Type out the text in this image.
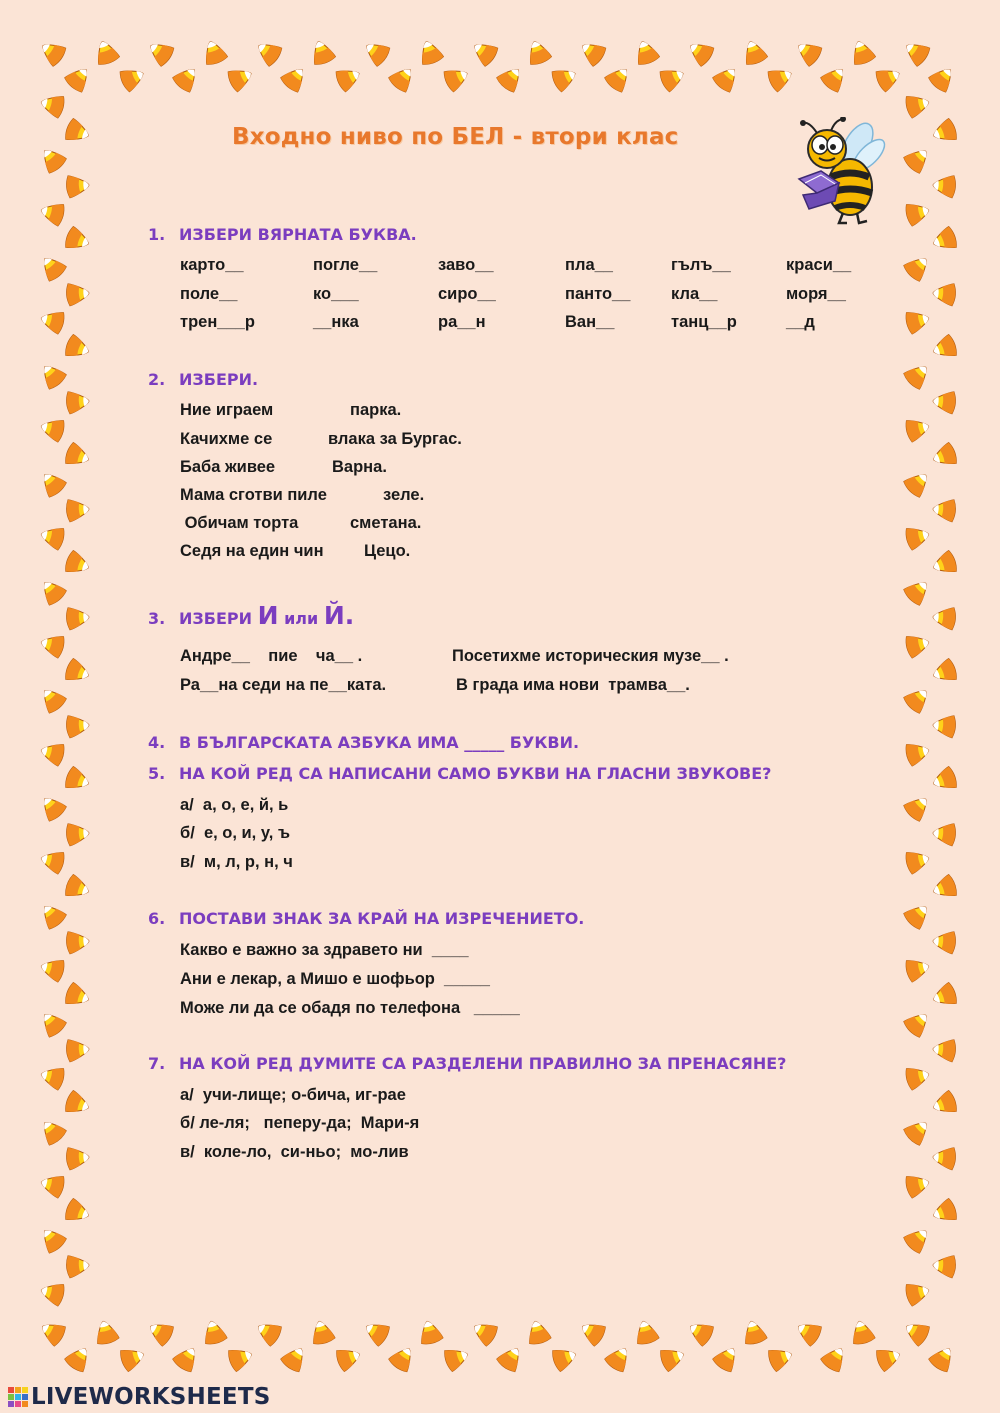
Входно ниво по БЕЛ - втори клас
1. ИЗБЕРИ ВЯРНАТА БУКВА.
карто__	погле__	заво__	пла__	гълъ__	краси__
поле__	ко___	сиро__	панто__ кла__	моря__
трен___р	__нка	ра__н	Ван__	танц__р	__д
2. ИЗБЕРИ.
Ние играем	парка.
Качихме се	влака за Бургас.
Баба живее	Варна.
Мама сготви пиле	зеле.
Обичам торта	сметана.
Седя на един чин Цецо.
3. ИЗБЕРИ И или Й.
Андре__    пие    ча__ .
Ра__на седи на пе__ката.
Посетихме историческия музе__ .
В града има нови  трамва__.
4. В БЪЛГАРСКАТА АЗБУКА ИМА _____ БУКВИ.
5. НА КОЙ РЕД СА НАПИСАНИ САМО БУКВИ НА ГЛАСНИ ЗВУКОВЕ?
а/  а, о, е, й, ь
б/  е, о, и, у, ъ
в/  м, л, р, н, ч
6. ПОСТАВИ ЗНАК ЗА КРАЙ НА ИЗРЕЧЕНИЕТО.
Какво е важно за здравето ни  ____
Ани е лекар, а Мишо е шофьор  _____
Може ли да се обадя по телефона   _____
7. НА КОЙ РЕД ДУМИТЕ СА РАЗДЕЛЕНИ ПРАВИЛНО ЗА ПРЕНАСЯНЕ?
а/  учи-лище; о-бича, иг-рае
б/ ле-ля;   пеперу-да;  Мари-я
в/  коле-ло,  си-ньо;  мо-лив
LIVEWORKSHEETS
